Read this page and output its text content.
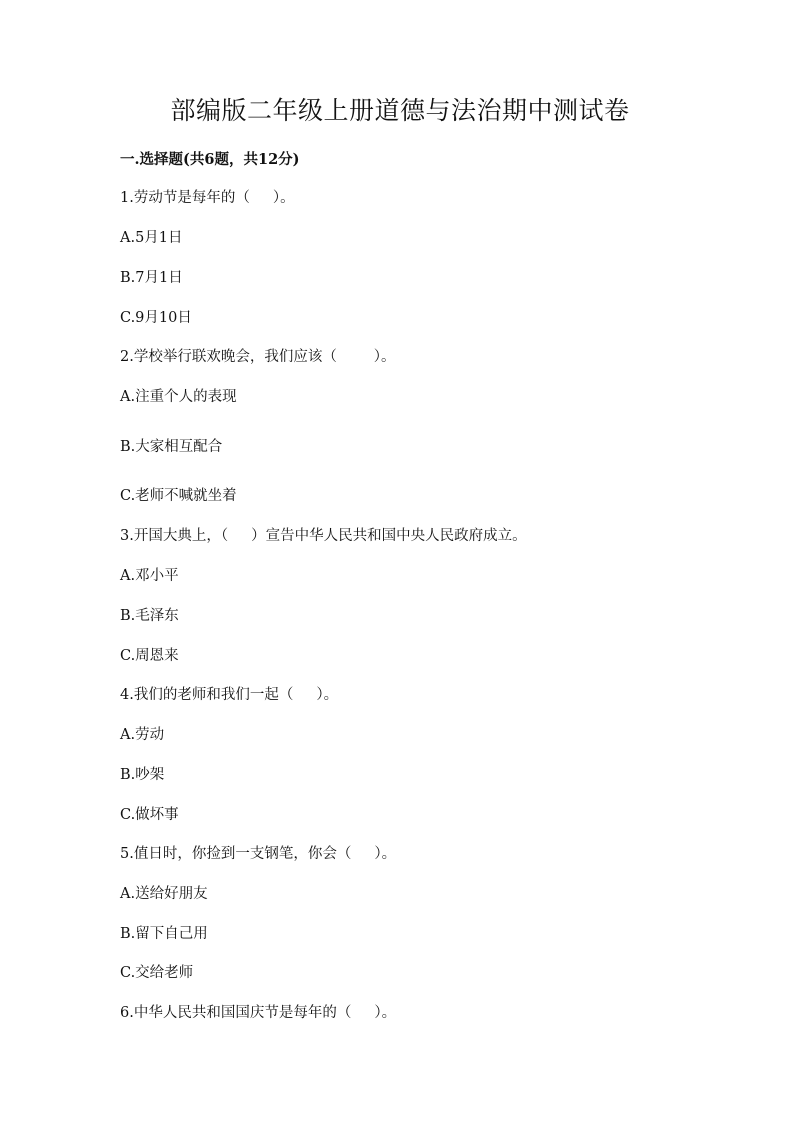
部编版二年级上册道德与法治期中测试卷
一.选择题(共6题，共12分)
1.劳动节是每年的（     ）。
A.5月1日
B.7月1日
C.9月10日
2.学校举行联欢晚会，我们应该（        ）。
A.注重个人的表现
B.大家相互配合
C.老师不喊就坐着
3.开国大典上，（     ）宣告中华人民共和国中央人民政府成立。
A.邓小平
B.毛泽东
C.周恩来
4.我们的老师和我们一起（     ）。
A.劳动
B.吵架
C.做坏事
5.值日时，你捡到一支钢笔，你会（     ）。
A.送给好朋友
B.留下自己用
C.交给老师
6.中华人民共和国国庆节是每年的（     ）。
